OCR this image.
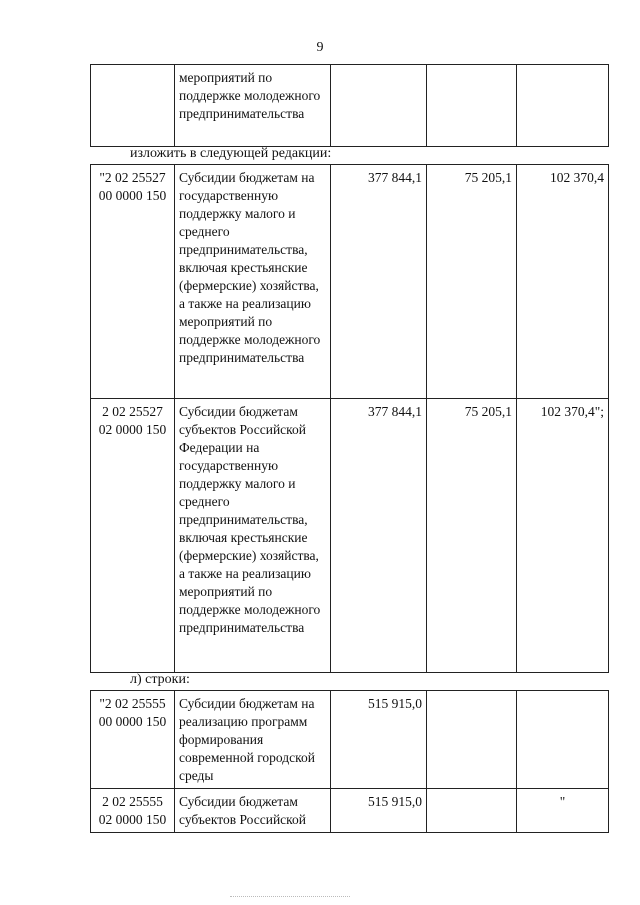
9
	мероприятий по поддержке молодежного предпринимательства			
изложить в следующей редакции:
"2 02 25527 00 0000 150	Субсидии бюджетам на государственную поддержку малого и среднего предпринимательства, включая крестьянские (фермерские) хозяйства, а также на реализацию мероприятий по поддержке молодежного предпринимательства	377 844,1	75 205,1	102 370,4
2 02 25527 02 0000 150	Субсидии бюджетам субъектов Российской Федерации на государственную поддержку малого и среднего предпринимательства, включая крестьянские (фермерские) хозяйства, а также на реализацию мероприятий по поддержке молодежного предпринимательства	377 844,1	75 205,1	102 370,4";
л) строки:
"2 02 25555 00 0000 150	Субсидии бюджетам на реализацию программ формирования современной городской среды	515 915,0		
2 02 25555 02 0000 150	Субсидии бюджетам субъектов Российской	515 915,0		"
